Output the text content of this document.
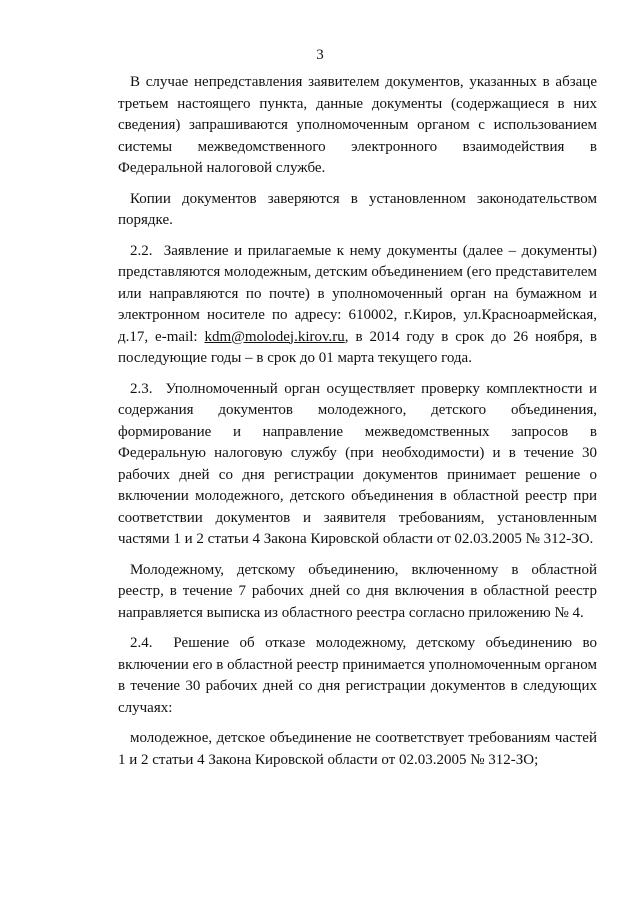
3

В случае непредставления заявителем документов, указанных в абзаце третьем настоящего пункта, данные документы (содержащиеся в них сведения) запрашиваются уполномоченным органом с использованием системы межведомственного электронного взаимодействия в Федеральной налоговой службе.

Копии документов заверяются в установленном законодательством порядке.

2.2. Заявление и прилагаемые к нему документы (далее – документы) представляются молодежным, детским объединением (его представителем или направляются по почте) в уполномоченный орган на бумажном и электронном носителе по адресу: 610002, г.Киров, ул.Красноармейская, д.17, e-mail: kdm@molodej.kirov.ru, в 2014 году в срок до 26 ноября, в последующие годы – в срок до 01 марта текущего года.

2.3. Уполномоченный орган осуществляет проверку комплектности и содержания документов молодежного, детского объединения, формирование и направление межведомственных запросов в Федеральную налоговую службу (при необходимости) и в течение 30 рабочих дней со дня регистрации документов принимает решение о включении молодежного, детского объединения в областной реестр при соответствии документов и заявителя требованиям, установленным частями 1 и 2 статьи 4 Закона Кировской области от 02.03.2005 № 312-ЗО.

Молодежному, детскому объединению, включенному в областной реестр, в течение 7 рабочих дней со дня включения в областной реестр направляется выписка из областного реестра согласно приложению № 4.

2.4. Решение об отказе молодежному, детскому объединению во включении его в областной реестр принимается уполномоченным органом в течение 30 рабочих дней со дня регистрации документов в следующих случаях:

молодежное, детское объединение не соответствует требованиям частей 1 и 2 статьи 4 Закона Кировской области от 02.03.2005 № 312-ЗО;
